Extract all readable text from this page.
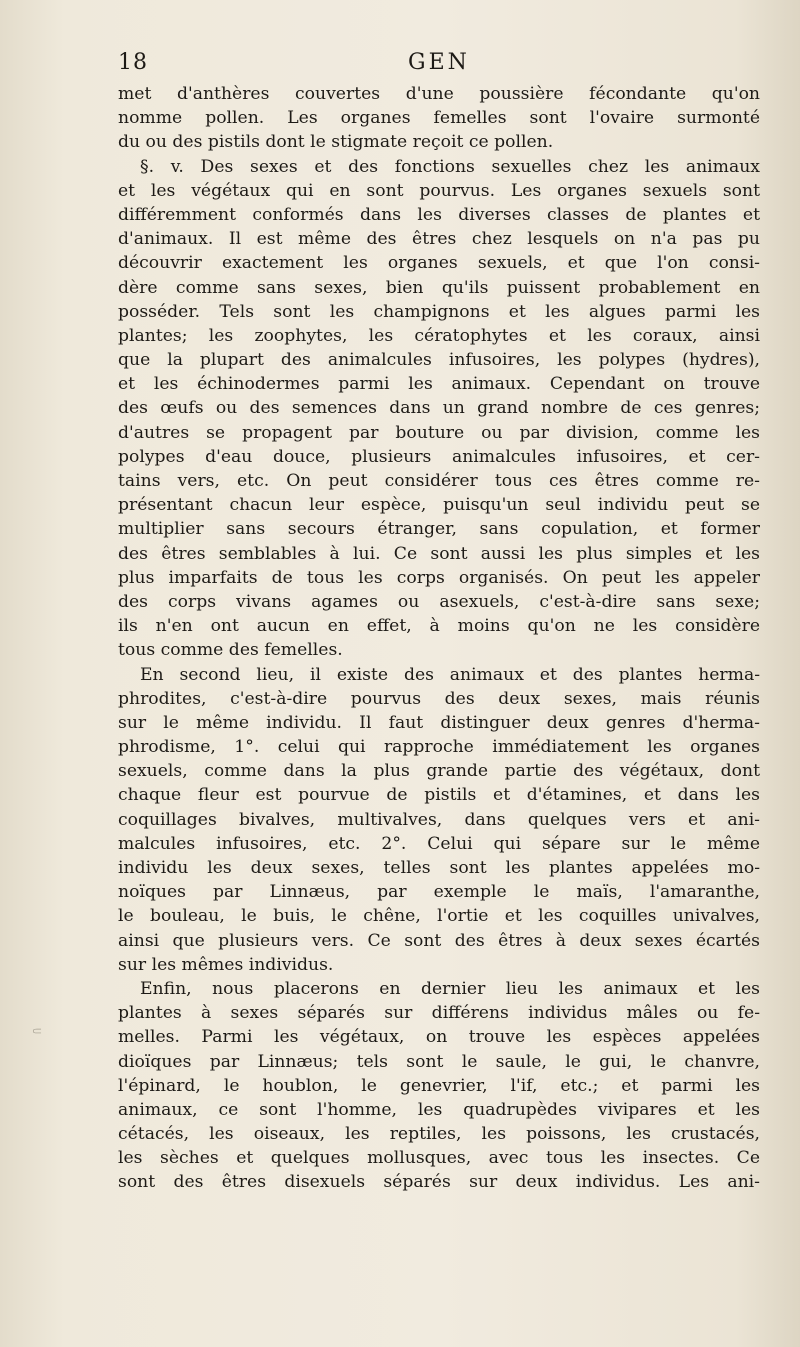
18	GEN
⸦
met d'anthères couvertes d'une poussière fécondante qu'on
nomme pollen. Les organes femelles sont l'ovaire surmonté
du ou des pistils dont le stigmate reçoit ce pollen.
§. v. Des sexes et des fonctions sexuelles chez les animaux
et les végétaux qui en sont pourvus. Les organes sexuels sont
différemment conformés dans les diverses classes de plantes et
d'animaux. Il est même des êtres chez lesquels on n'a pas pu
découvrir exactement les organes sexuels, et que l'on consi-
dère comme sans sexes, bien qu'ils puissent probablement en
posséder. Tels sont les champignons et les algues parmi les
plantes; les zoophytes, les cératophytes et les coraux, ainsi
que la plupart des animalcules infusoires, les polypes (hydres),
et les échinodermes parmi les animaux. Cependant on trouve
des œufs ou des semences dans un grand nombre de ces genres;
d'autres se propagent par bouture ou par division, comme les
polypes d'eau douce, plusieurs animalcules infusoires, et cer-
tains vers, etc. On peut considérer tous ces êtres comme re-
présentant chacun leur espèce, puisqu'un seul individu peut se
multiplier sans secours étranger, sans copulation, et former
des êtres semblables à lui. Ce sont aussi les plus simples et les
plus imparfaits de tous les corps organisés. On peut les appeler
des corps vivans agames ou asexuels, c'est-à-dire sans sexe;
ils n'en ont aucun en effet, à moins qu'on ne les considère
tous comme des femelles.
En second lieu, il existe des animaux et des plantes herma-
phrodites, c'est-à-dire pourvus des deux sexes, mais réunis
sur le même individu. Il faut distinguer deux genres d'herma-
phrodisme, 1°. celui qui rapproche immédiatement les organes
sexuels, comme dans la plus grande partie des végétaux, dont
chaque fleur est pourvue de pistils et d'étamines, et dans les
coquillages bivalves, multivalves, dans quelques vers et ani-
malcules infusoires, etc. 2°. Celui qui sépare sur le même
individu les deux sexes, telles sont les plantes appelées mo-
noïques par Linnæus, par exemple le maïs, l'amaranthe,
le bouleau, le buis, le chêne, l'ortie et les coquilles univalves,
ainsi que plusieurs vers. Ce sont des êtres à deux sexes écartés
sur les mêmes individus.
Enfin, nous placerons en dernier lieu les animaux et les
plantes à sexes séparés sur différens individus mâles ou fe-
melles. Parmi les végétaux, on trouve les espèces appelées
dioïques par Linnæus; tels sont le saule, le gui, le chanvre,
l'épinard, le houblon, le genevrier, l'if, etc.; et parmi les
animaux, ce sont l'homme, les quadrupèdes vivipares et les
cétacés, les oiseaux, les reptiles, les poissons, les crustacés,
les sèches et quelques mollusques, avec tous les insectes. Ce
sont des êtres disexuels séparés sur deux individus. Les ani-
